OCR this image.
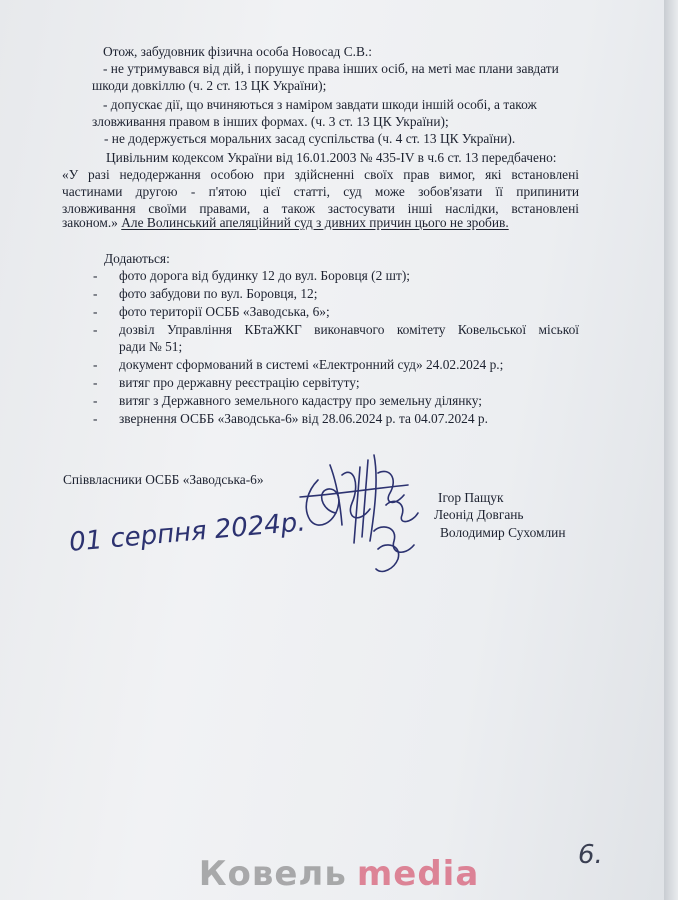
Отож, забудовник фізична особа Новосад С.В.:
- не утримувався від дій, і порушує права інших осіб, на меті має плани завдати
шкоди довкіллю (ч. 2 ст. 13 ЦК України);
- допускає дії, що вчиняються з наміром завдати шкоди іншій особі, а також
зловживання правом в інших формах. (ч. 3 ст. 13 ЦК України);
- не додержується моральних засад суспільства (ч. 4 ст. 13 ЦК України).
Цивільним кодексом України від 16.01.2003 № 435-IV в ч.6 ст. 13 передбачено:
«У разі недодержання особою при здійсненні своїх прав вимог, які встановлені
частинами другою - п'ятою цієї статті, суд може зобов'язати її припинити
зловживання своїми правами, а також застосувати інші наслідки, встановлені
законом.» Але Волинський апеляційний суд з дивних причин цього не зробив.
Додаються:
- фото дорога від будинку 12 до вул. Боровця (2 шт);
- фото забудови по вул. Боровця, 12;
- фото території ОСББ «Заводська, 6»;
- дозвіл Управління КБтаЖКГ виконавчого комітету Ковельської міської
ради № 51;
- документ сформований в системі «Електронний суд» 24.02.2024 р.;
- витяг про державну реєстрацію сервітуту;
- витяг з Державного земельного кадастру про земельну ділянку;
- звернення ОСББ «Заводська-6» від 28.06.2024 р. та 04.07.2024 р.
Співвласники ОСББ «Заводська-6»
Ігор Пащук
Леонід Довгань
Володимир Сухомлин
01 серпня 2024р.
6.
Ковель media
